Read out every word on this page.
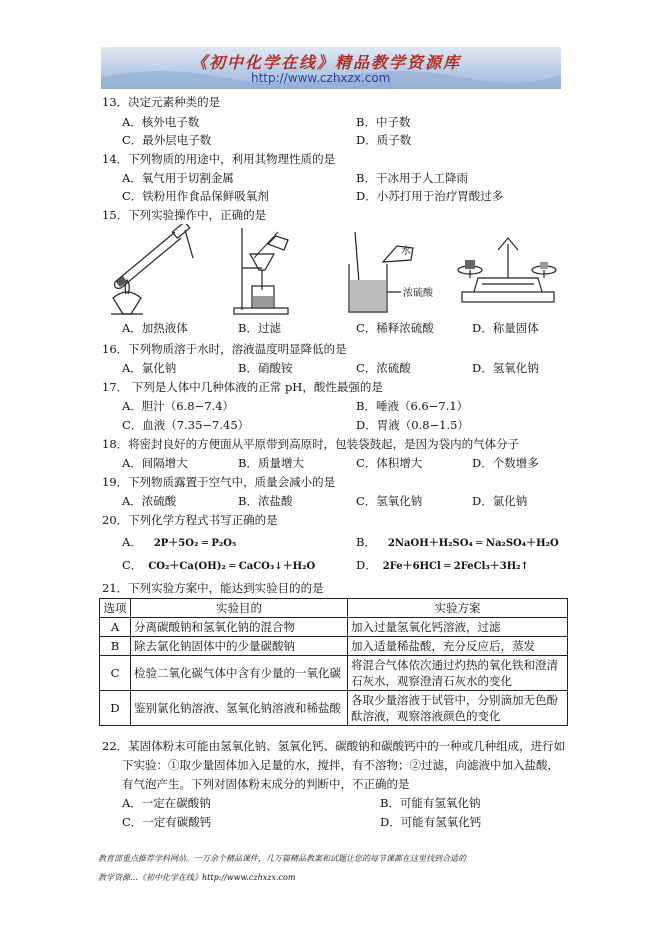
《初中化学在线》精品教学资源库
http://www.czhxzx.com
13．决定元素种类的是
A．核外电子数	B．中子数
C．最外层电子数	D．质子数
14．下列物质的用途中，利用其物理性质的是
A．氧气用于切割金属	B．干冰用于人工降雨
C．铁粉用作食品保鲜吸氧剂	D．小苏打用于治疗胃酸过多
15．下列实验操作中，正确的是
水
浓硫酸
A．加热液体	B．过滤	C．稀释浓硫酸	D．称量固体
16．下列物质溶于水时，溶液温度明显降低的是
A．氯化钠	B．硝酸铵	C．浓硫酸	D．氢氧化钠
17． 下列是人体中几种体液的正常 pH，酸性最强的是
A．胆汁（6.8−7.4）	B．唾液（6.6−7.1）
C．血液（7.35−7.45）	D．胃液（0.8−1.5）
18．将密封良好的方便面从平原带到高原时，包装袋鼓起，是因为袋内的气体分子
A．间隔增大	B．质量增大	C．体积增大	D．个数增多
19．下列物质露置于空气中，质量会减小的是
A．浓硫酸	B．浓盐酸	C．氢氧化钠	D．氯化钠
20．下列化学方程式书写正确的是
A． 2P＋5O₂ ═ P₂O₅	B． 2NaOH＋H₂SO₄ ═ Na₂SO₄＋H₂O
C． CO₂＋Ca(OH)₂ ═ CaCO₃↓＋H₂O	D． 2Fe＋6HCl ═ 2FeCl₃＋3H₂↑
21．下列实验方案中，能达到实验目的的是
选项	实验目的	实验方案
A	分离碳酸钠和氢氧化钠的混合物	加入过量氢氧化钙溶液，过滤
B	除去氯化钠固体中的少量碳酸钠	加入适量稀盐酸，充分反应后，蒸发
C	检验二氧化碳气体中含有少量的一氧化碳	将混合气体依次通过灼热的氧化铁和澄清石灰水，观察澄清石灰水的变化
D	鉴别氯化钠溶液、氢氧化钠溶液和稀盐酸	各取少量溶液于试管中，分别滴加无色酚酞溶液，观察溶液颜色的变化
22．某固体粉末可能由氢氧化钠、氢氧化钙、碳酸钠和碳酸钙中的一种或几种组成，进行如
下实验：①取少量固体加入足量的水，搅拌，有不溶物；②过滤，向滤液中加入盐酸，
有气泡产生。下列对固体粉末成分的判断中，不正确的是
A．一定在碳酸钠	B．可能有氢氧化钠
C．一定有碳酸钙	D．可能有氢氧化钙
教育部重点推荐学科网站。一万余个精品课件，几万篇精品教案和试题让您的每节课都在这里找到合适的
教学资源…《初中化学在线》http://www.czhxzx.com
